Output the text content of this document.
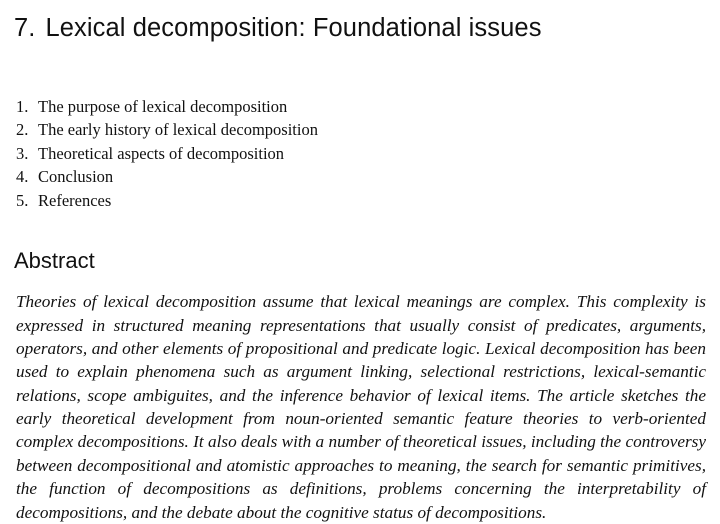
7. Lexical decomposition: Foundational issues
1. The purpose of lexical decomposition
2. The early history of lexical decomposition
3. Theoretical aspects of decomposition
4. Conclusion
5. References
Abstract

Theories of lexical decomposition assume that lexical meanings are complex. This complexity is expressed in structured meaning representations that usually consist of predicates, arguments, operators, and other elements of propositional and predicate logic. Lexical decomposition has been used to explain phenomena such as argument linking, selectional restrictions, lexical-semantic relations, scope ambiguites, and the inference behavior of lexical items. The article sketches the early theoretical development from noun-oriented semantic feature theories to verb-oriented complex decompositions. It also deals with a number of theoretical issues, including the controversy between decompositional and atomistic approaches to meaning, the search for semantic primitives, the function of decompositions as definitions, problems concerning the interpretability of decompositions, and the debate about the cognitive status of decompositions.
